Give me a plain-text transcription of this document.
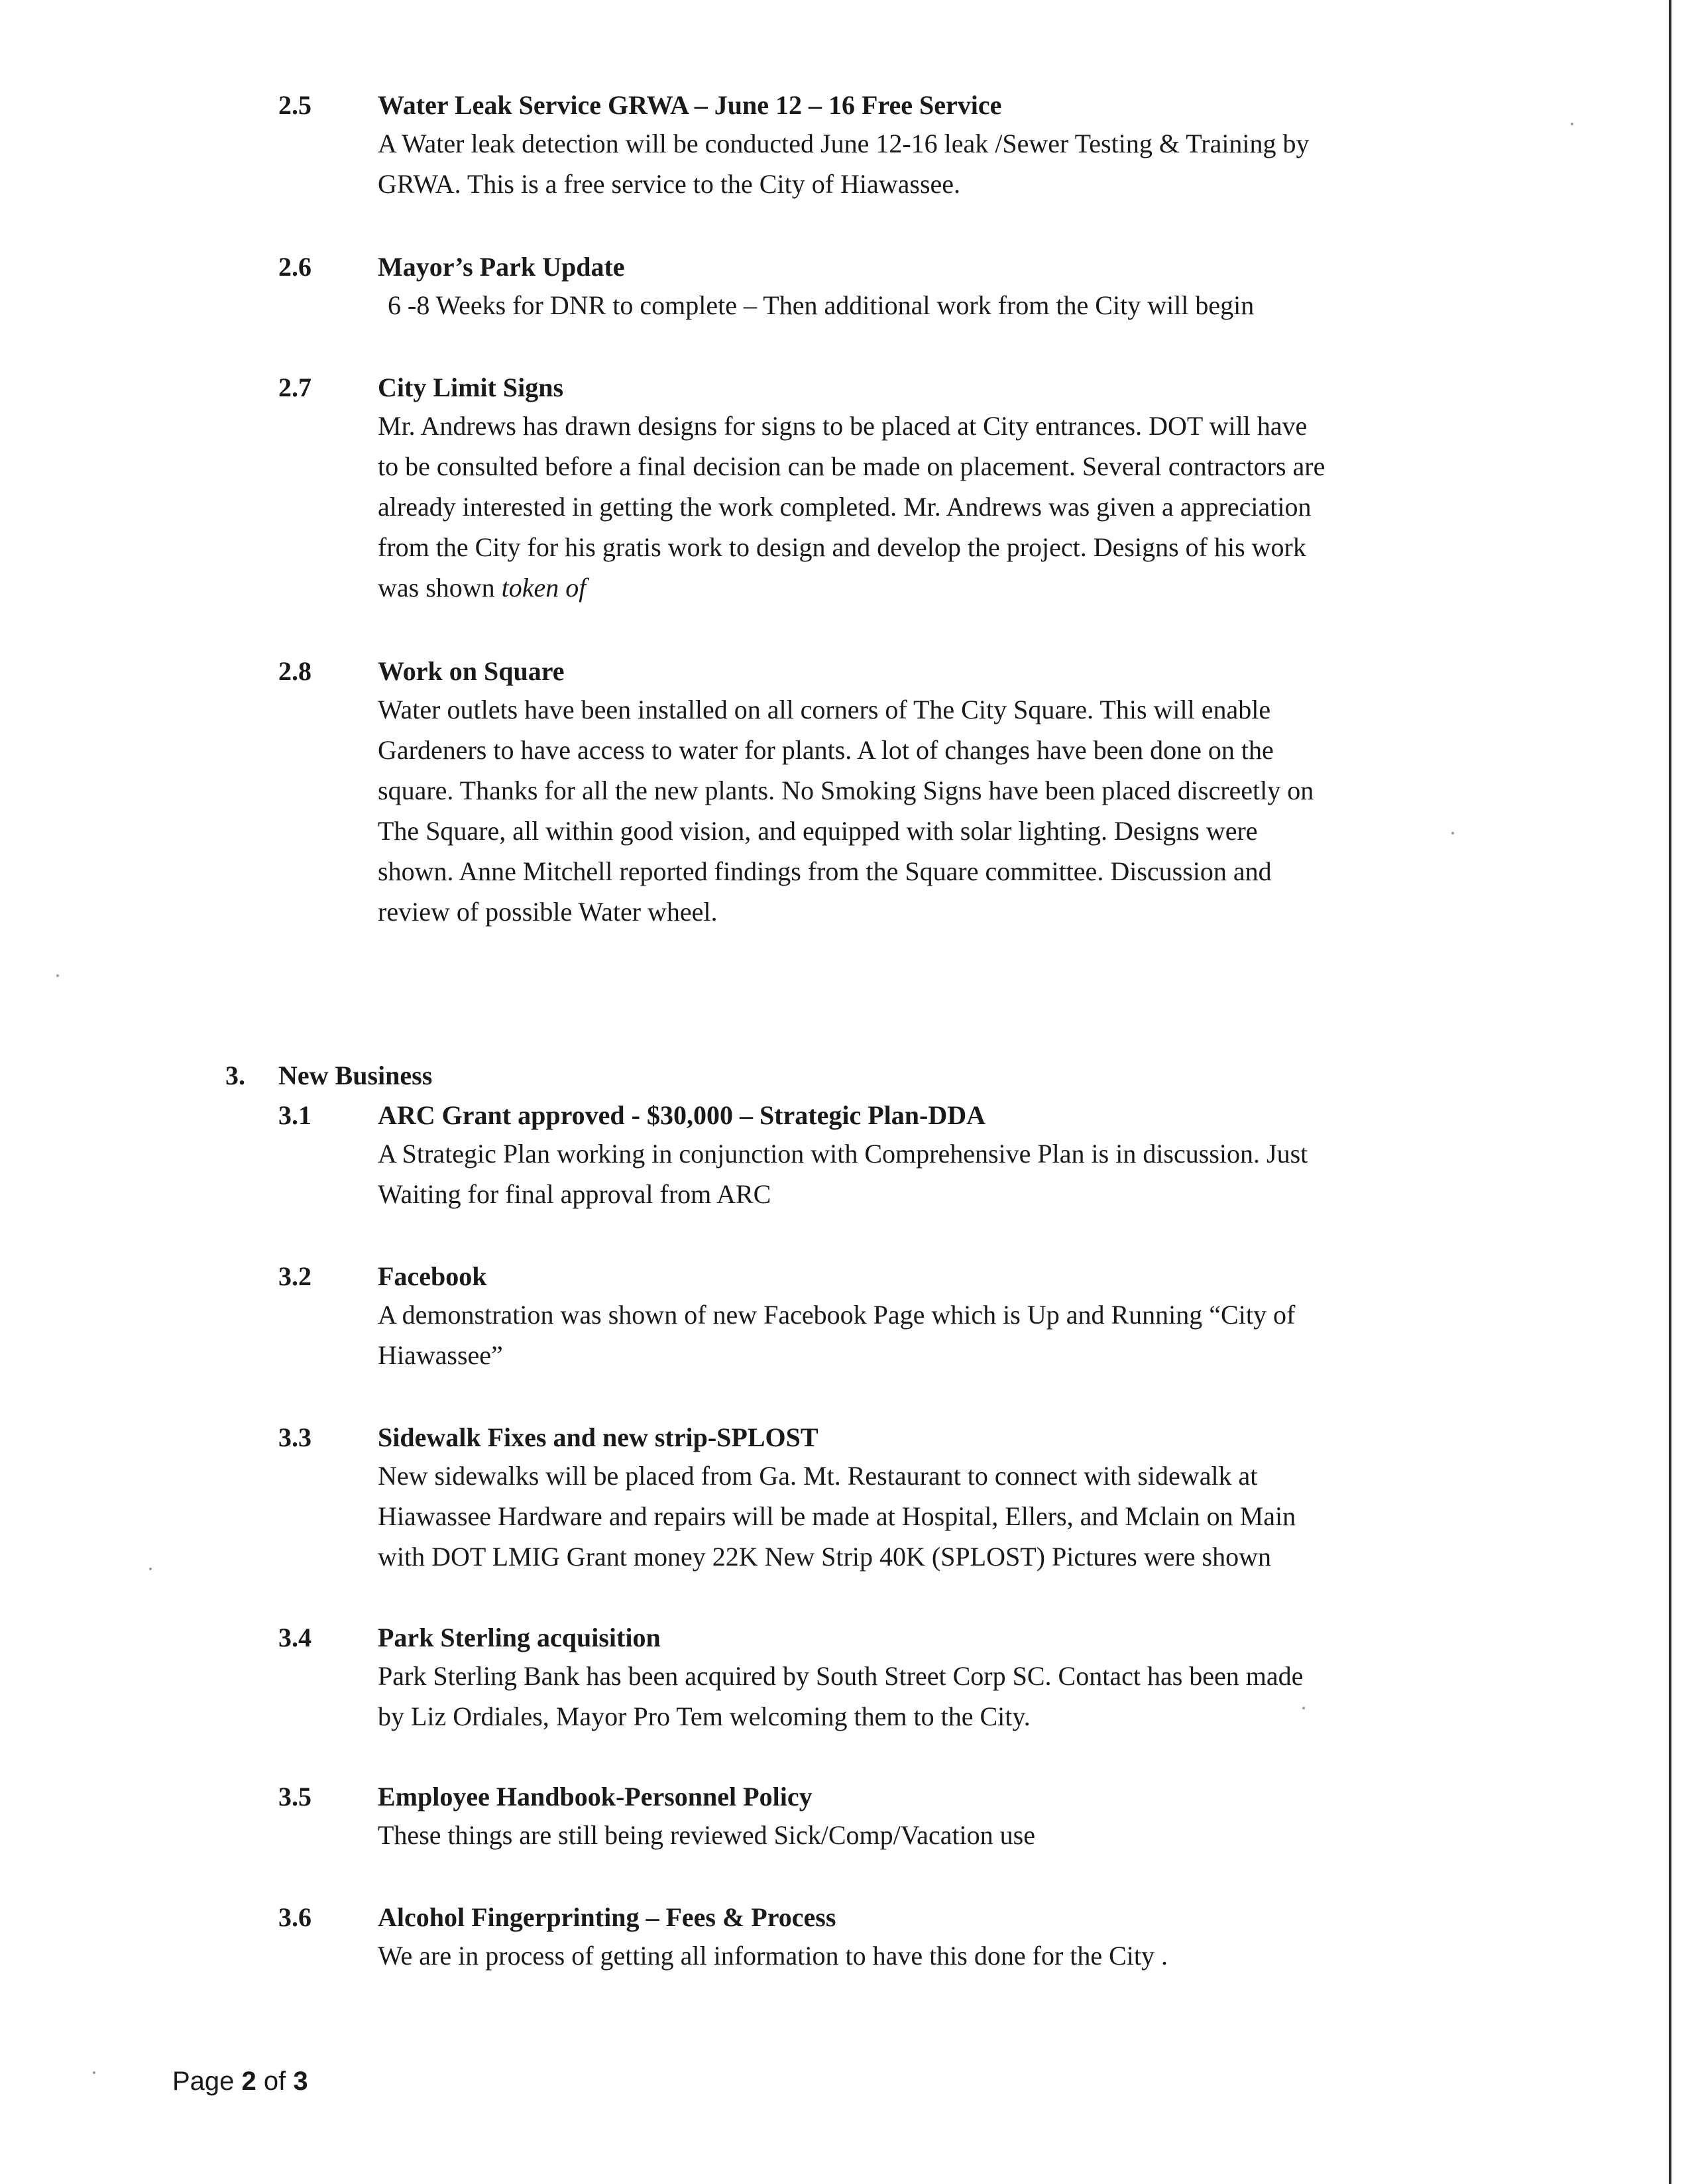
2.5	Water Leak Service GRWA – June 12 – 16 Free Service

A Water leak detection will be conducted June 12-16 leak /Sewer Testing & Training by

GRWA. This is a free service to the City of Hiawassee.

2.6	Mayor’s Park Update

6 -8 Weeks for DNR to complete – Then additional work from the City will begin

2.7	City Limit Signs

Mr. Andrews has drawn designs for signs to be placed at City entrances. DOT will have

to be consulted before a final decision can be made on placement. Several contractors are

already interested in getting the work completed. Mr. Andrews was given a appreciation

from the City for his gratis work to design and develop the project. Designs of his work

was shown token of

2.8	Work on Square

Water outlets have been installed on all corners of The City Square. This will enable

Gardeners to have access to water for plants. A lot of changes have been done on the

square. Thanks for all the new plants. No Smoking Signs have been placed discreetly on

The Square, all within good vision, and equipped with solar lighting. Designs were

shown. Anne Mitchell reported findings from the Square committee. Discussion and

review of possible Water wheel.

3. New Business
3.1	ARC Grant approved - $30,000 – Strategic Plan-DDA

A Strategic Plan working in conjunction with Comprehensive Plan is in discussion. Just

Waiting for final approval from ARC

3.2	Facebook

A demonstration was shown of new Facebook Page which is Up and Running “City of

Hiawassee”

3.3	Sidewalk Fixes and new strip-SPLOST

New sidewalks will be placed from Ga. Mt. Restaurant to connect with sidewalk at

Hiawassee Hardware and repairs will be made at Hospital, Ellers, and Mclain on Main

with DOT LMIG Grant money 22K New Strip 40K (SPLOST) Pictures were shown

3.4	Park Sterling acquisition

Park Sterling Bank has been acquired by South Street Corp SC. Contact has been made

by Liz Ordiales, Mayor Pro Tem welcoming them to the City.

3.5	Employee Handbook-Personnel Policy

These things are still being reviewed Sick/Comp/Vacation use

3.6	Alcohol Fingerprinting – Fees & Process

We are in process of getting all information to have this done for the City .

Page 2 of 3
